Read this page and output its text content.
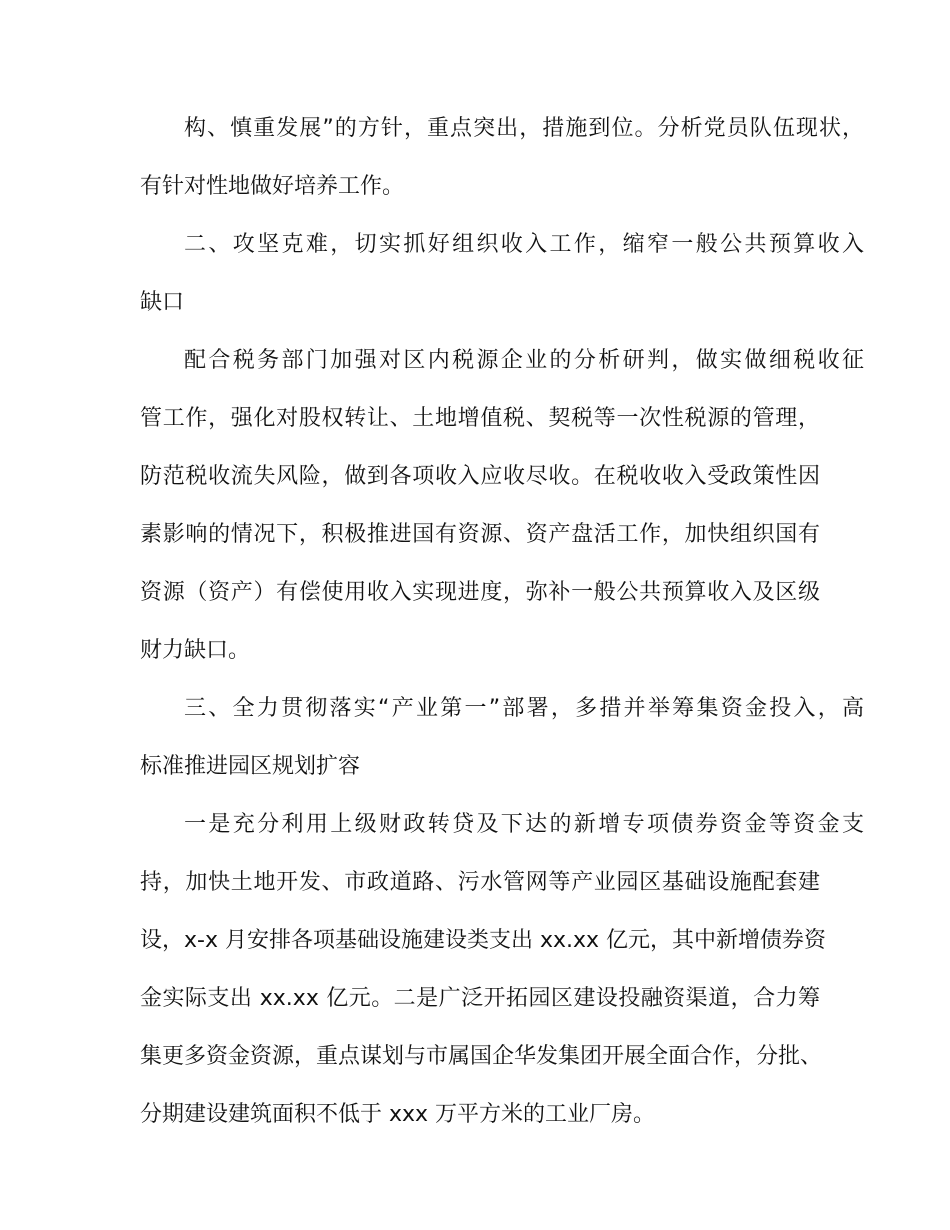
构、慎重发展”的方针，重点突出，措施到位。分析党员队伍现状，
有针对性地做好培养工作。
二、攻坚克难，切实抓好组织收入工作，缩窄一般公共预算收入
缺口
配合税务部门加强对区内税源企业的分析研判，做实做细税收征
管工作，强化对股权转让、土地增值税、契税等一次性税源的管理，
防范税收流失风险，做到各项收入应收尽收。在税收收入受政策性因
素影响的情况下，积极推进国有资源、资产盘活工作，加快组织国有
资源（资产）有偿使用收入实现进度，弥补一般公共预算收入及区级
财力缺口。
三、全力贯彻落实“产业第一”部署，多措并举筹集资金投入，高
标准推进园区规划扩容
一是充分利用上级财政转贷及下达的新增专项债券资金等资金支
持，加快土地开发、市政道路、污水管网等产业园区基础设施配套建
设，x-x 月安排各项基础设施建设类支出 xx.xx 亿元，其中新增债券资
金实际支出 xx.xx 亿元。二是广泛开拓园区建设投融资渠道，合力筹
集更多资金资源，重点谋划与市属国企华发集团开展全面合作，分批、
分期建设建筑面积不低于 xxx 万平方米的工业厂房。
